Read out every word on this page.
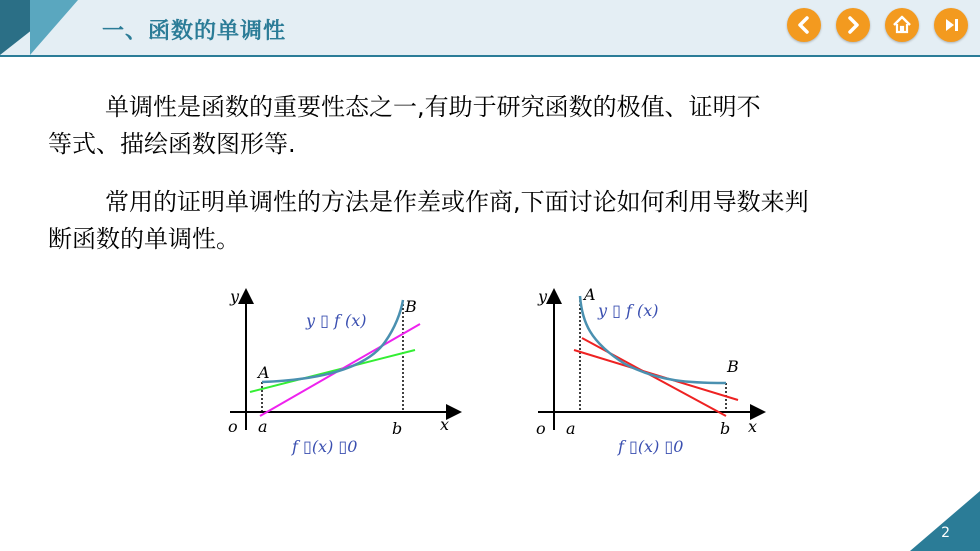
一、函数的单调性
单调性是函数的重要性态之一,有助于研究函数的极值、证明不
等式、描绘函数图形等.
常用的证明单调性的方法是作差或作商,下面讨论如何利用导数来判
断函数的单调性。
y
x
o a	b
A
B
y ▯ f (x)
f ▯(x) ▯0
y
x
o a	b
A
B
y ▯ f (x)
f ▯(x) ▯0
2
